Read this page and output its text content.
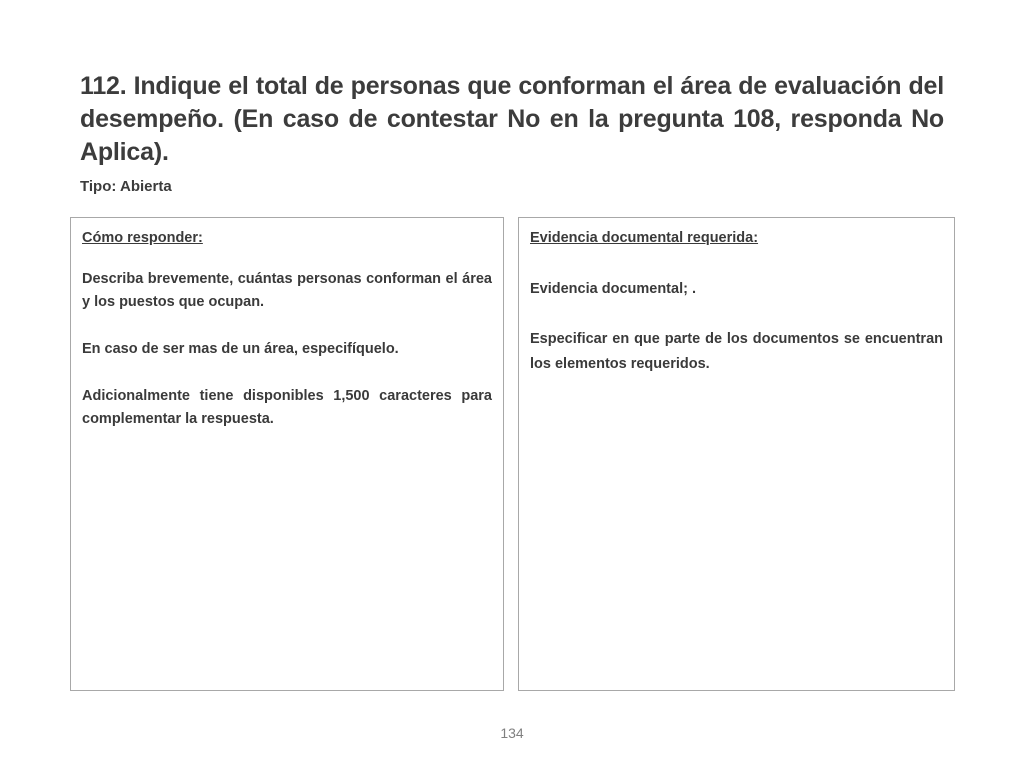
112. Indique el total de personas que conforman el área de evaluación del desempeño. (En caso de contestar No en la pregunta 108, responda No Aplica).

Tipo: Abierta

Cómo responder:

Describa brevemente, cuántas personas conforman el área y los puestos que ocupan.

En caso de ser mas de un área, especifíquelo.

Adicionalmente tiene disponibles 1,500 caracteres para complementar la respuesta.

Evidencia documental requerida:

Evidencia documental; .

Especificar en que parte de los documentos se encuentran los elementos requeridos.

134
